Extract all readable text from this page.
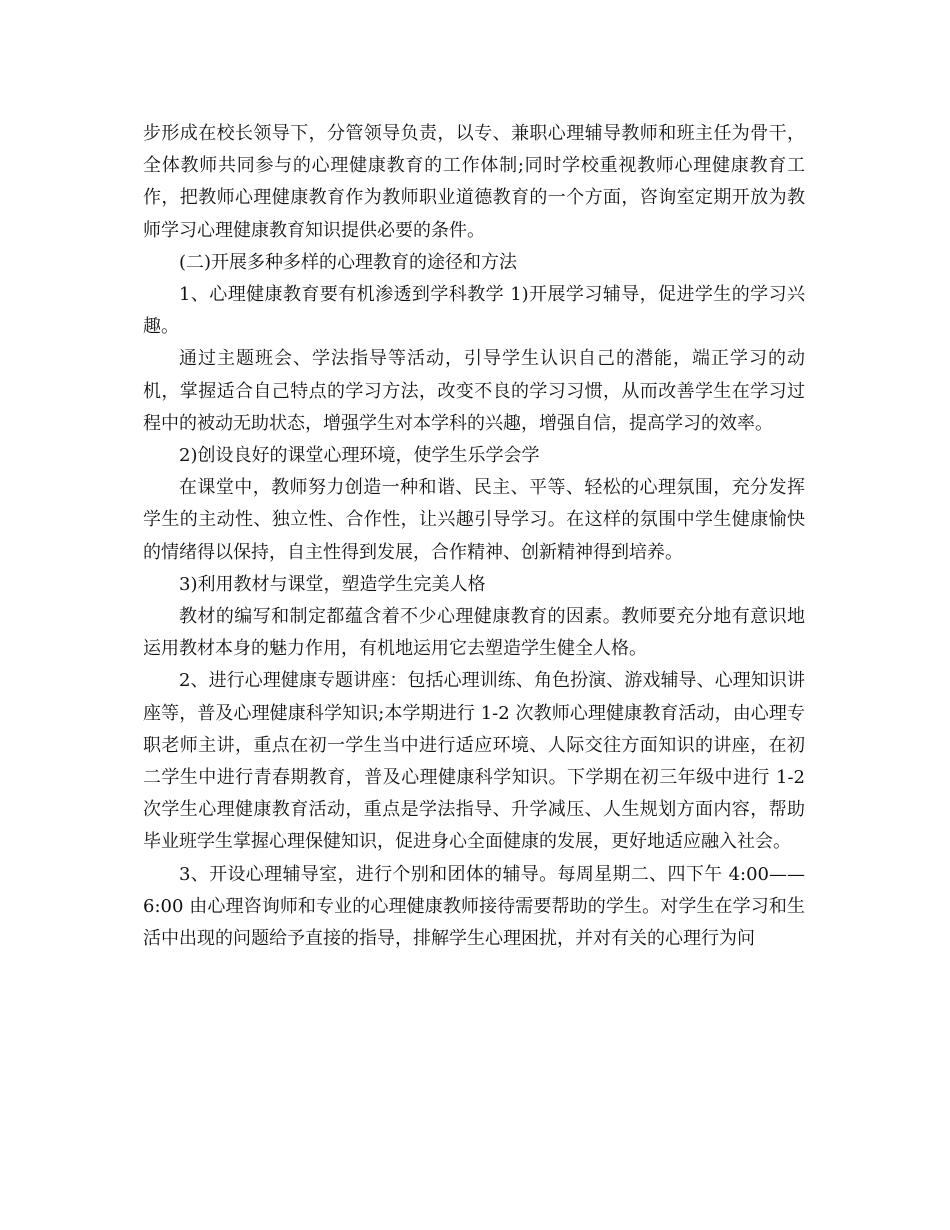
步形成在校长领导下，分管领导负责，以专、兼职心理辅导教师和班主任为骨干，全体教师共同参与的心理健康教育的工作体制;同时学校重视教师心理健康教育工作，把教师心理健康教育作为教师职业道德教育的一个方面，咨询室定期开放为教师学习心理健康教育知识提供必要的条件。

(二)开展多种多样的心理教育的途径和方法

1、心理健康教育要有机渗透到学科教学 1)开展学习辅导，促进学生的学习兴趣。

通过主题班会、学法指导等活动，引导学生认识自己的潜能，端正学习的动机，掌握适合自己特点的学习方法，改变不良的学习习惯，从而改善学生在学习过程中的被动无助状态，增强学生对本学科的兴趣，增强自信，提高学习的效率。

2)创设良好的课堂心理环境，使学生乐学会学

在课堂中，教师努力创造一种和谐、民主、平等、轻松的心理氛围，充分发挥学生的主动性、独立性、合作性，让兴趣引导学习。在这样的氛围中学生健康愉快的情绪得以保持，自主性得到发展，合作精神、创新精神得到培养。

3)利用教材与课堂，塑造学生完美人格

教材的编写和制定都蕴含着不少心理健康教育的因素。教师要充分地有意识地运用教材本身的魅力作用，有机地运用它去塑造学生健全人格。

2、进行心理健康专题讲座：包括心理训练、角色扮演、游戏辅导、心理知识讲座等，普及心理健康科学知识;本学期进行 1-2 次教师心理健康教育活动，由心理专职老师主讲，重点在初一学生当中进行适应环境、人际交往方面知识的讲座，在初二学生中进行青春期教育，普及心理健康科学知识。下学期在初三年级中进行 1-2 次学生心理健康教育活动，重点是学法指导、升学减压、人生规划方面内容，帮助毕业班学生掌握心理保健知识，促进身心全面健康的发展，更好地适应融入社会。

3、开设心理辅导室，进行个别和团体的辅导。每周星期二、四下午 4:00——6:00 由心理咨询师和专业的心理健康教师接待需要帮助的学生。对学生在学习和生活中出现的问题给予直接的指导，排解学生心理困扰，并对有关的心理行为问
